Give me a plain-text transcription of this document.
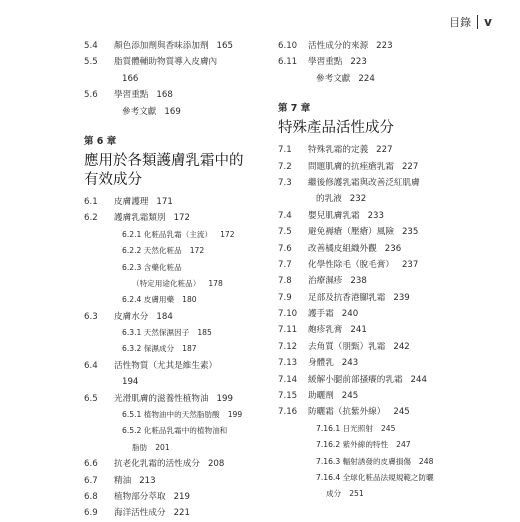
目錄 v
5.4 顏色添加劑與香味添加劑 165
5.5 脂質體輔助物質導入皮膚內
166
5.6 學習重點 168
參考文獻 169
第 6 章
應用於各類護膚乳霜中的
有效成分
6.1 皮膚護理 171
6.2 護膚乳霜類別 172
6.2.1 化粧品乳霜（主流） 172
6.2.2 天然化粧品 172
6.2.3 含藥化粧品
（特定用途化粧品） 178
6.2.4 皮膚用藥 180
6.3 皮膚水分 184
6.3.1 天然保濕因子 185
6.3.2 保濕成分 187
6.4 活性物質（尤其是維生素）
194
6.5 光滑肌膚的滋養性植物油 199
6.5.1 植物油中的天然脂肪酸 199
6.5.2 化粧品乳霜中的植物油和
脂肪 201
6.6 抗老化乳霜的活性成分 208
6.7 精油 213
6.8 植物部分萃取 219
6.9 海洋活性成分 221
6.10 活性成分的來源 223
6.11 學習重點 223
參考文獻 224
第 7 章
特殊產品活性成分
7.1 特殊乳霜的定義 227
7.2 問題肌膚的抗痤瘡乳霜 227
7.3 繼後修護乳霜與改善泛紅肌膚
的乳液 232
7.4 嬰兒肌膚乳霜 233
7.5 避免褥瘡（壓瘡）風險 235
7.6 改善橘皮組織外觀 236
7.7 化學性除毛（脫毛膏） 237
7.8 治療濕疹 238
7.9 足部及抗香港腳乳霜 239
7.10 護手霜 240
7.11 皰疹乳膏 241
7.12 去角質（朋甄）乳霜 242
7.13 身體乳 243
7.14 緩解小腿前部搔癢的乳霜 244
7.15 助曬劑 245
7.16 防曬霜（抗紫外線） 245
7.16.1 日光照射 245
7.16.2 紫外線的特性 247
7.16.3 輻射誘發的皮膚損傷 248
7.16.4 全球化粧品法規規範之防曬
成分 251
